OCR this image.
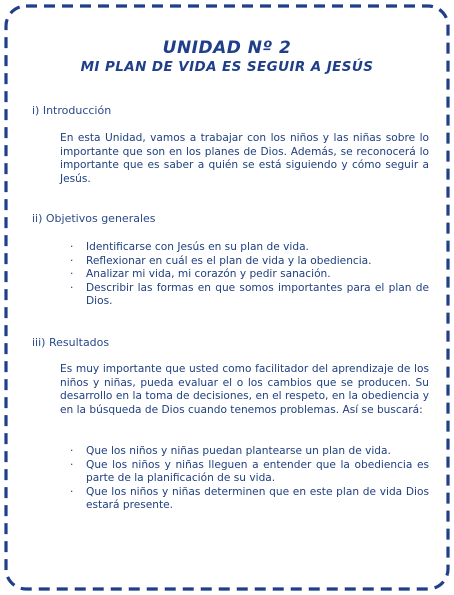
UNIDAD Nº 2
MI PLAN DE VIDA ES SEGUIR A JESÚS
i) Introducción
En esta Unidad, vamos a trabajar con los niños y las niñas sobre lo importante que son en los planes de Dios. Además, se reconocerá lo importante que es saber a quién se está siguiendo y cómo seguir a Jesús.
ii) Objetivos generales
· Identificarse con Jesús en su plan de vida.
· Reflexionar en cuál es el plan de vida y la obediencia.
· Analizar mi vida, mi corazón y pedir sanación.
· Describir las formas en que somos importantes para el plan de Dios.
iii) Resultados
Es muy importante que usted como facilitador del aprendizaje de los niños y niñas, pueda evaluar el o los cambios que se producen. Su desarrollo en la toma de decisiones, en el respeto, en la obediencia y en la búsqueda de Dios cuando tenemos problemas. Así se buscará:
· Que los niños y niñas puedan plantearse un plan de vida.
· Que los niños y niñas lleguen a entender que la obediencia es parte de la planificación de su vida.
· Que los niños y niñas determinen que en este plan de vida Dios estará presente.
